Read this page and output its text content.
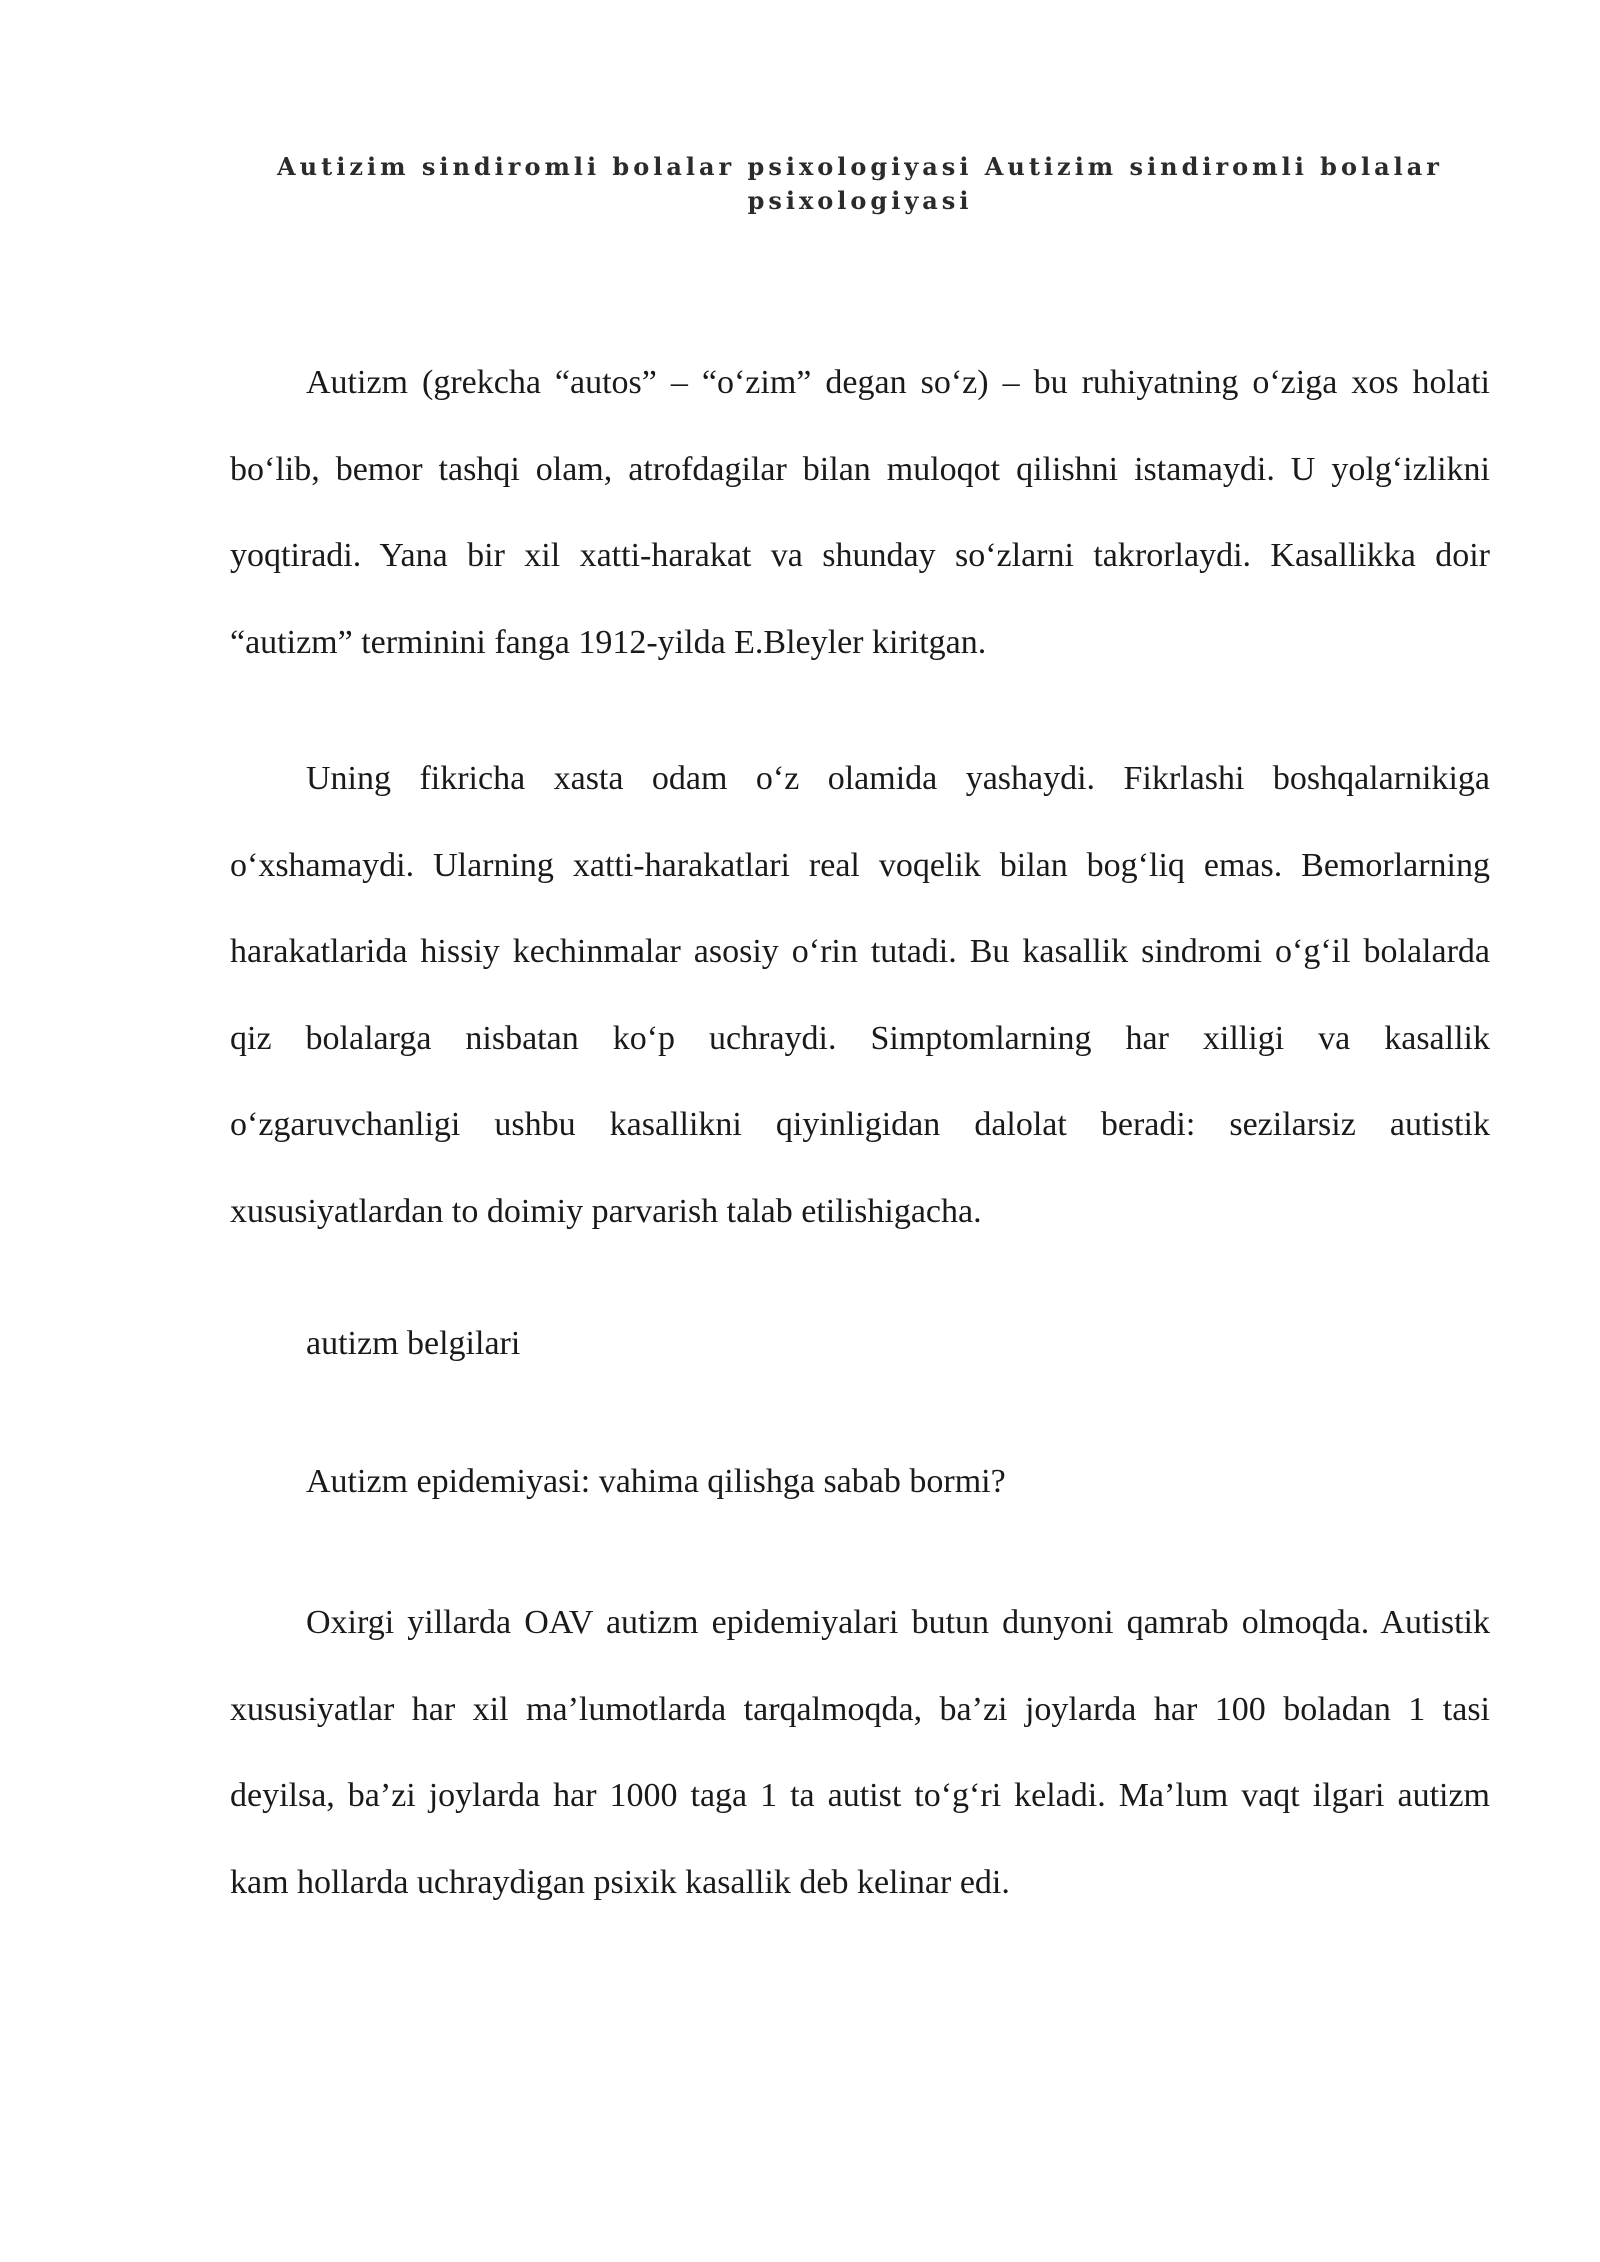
Autizim sindiromli bolalar psixologiyasi Autizim sindiromli bolalar psixologiyasi

Autizm (grekcha “autos” – “o‘zim” degan so‘z) – bu ruhiyatning o‘ziga xos holati bo‘lib, bemor tashqi olam, atrofdagilar bilan muloqot qilishni istamaydi. U yolg‘izlikni yoqtiradi. Yana bir xil xatti-harakat va shunday so‘zlarni takrorlaydi. Kasallikka doir “autizm” terminini fanga 1912-yilda E.Bleyler kiritgan.

Uning fikricha xasta odam o‘z olamida yashaydi. Fikrlashi boshqalarnikiga o‘xshamaydi. Ularning xatti-harakatlari real voqelik bilan bog‘liq emas. Bemorlarning harakatlarida hissiy kechinmalar asosiy o‘rin tutadi. Bu kasallik sindromi o‘g‘il bolalarda qiz bolalarga nisbatan ko‘p uchraydi. Simptomlarning har xilligi va kasallik o‘zgaruvchanligi ushbu kasallikni qiyinligidan dalolat beradi: sezilarsiz autistik xususiyatlardan to doimiy parvarish talab etilishigacha.

autizm belgilari

Autizm epidemiyasi: vahima qilishga sabab bormi?

Oxirgi yillarda OAV autizm epidemiyalari butun dunyoni qamrab olmoqda. Autistik xususiyatlar har xil ma’lumotlarda tarqalmoqda, ba’zi joylarda har 100 boladan 1 tasi deyilsa, ba’zi joylarda har 1000 taga 1 ta autist to‘g‘ri keladi. Ma’lum vaqt ilgari autizm kam hollarda uchraydigan psixik kasallik deb kelinar edi.
